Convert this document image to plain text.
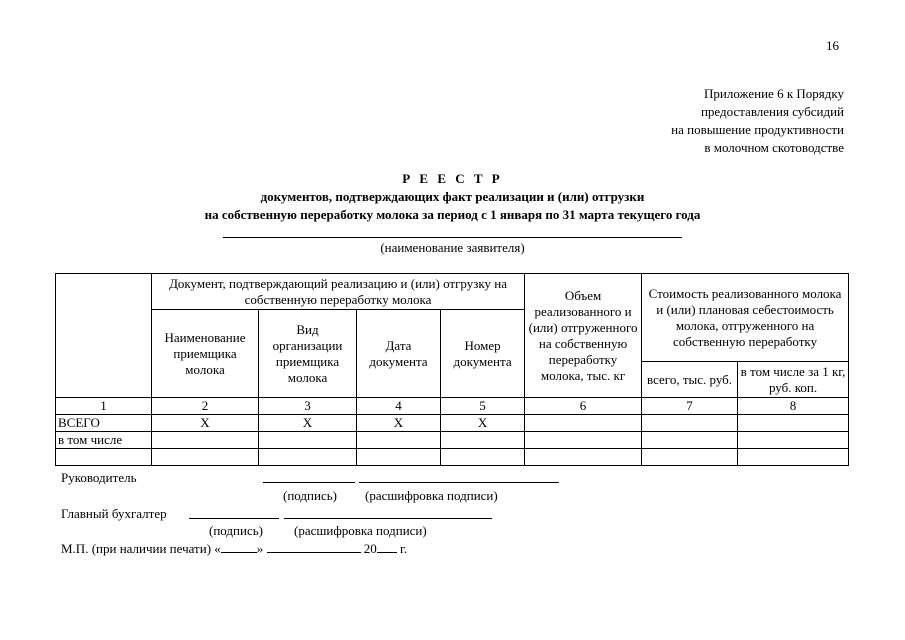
16
Приложение 6 к Порядку
предоставления субсидий
на повышение продуктивности
в молочном скотоводстве
Р Е Е С Т Р
документов, подтверждающих факт реализации и (или) отгрузки
на собственную переработку молока за период с 1 января по 31 марта текущего года
(наименование заявителя)
	Документ, подтверждающий реализацию и (или) отгрузку на собственную переработку молока				Объем реализованного и (или) отгруженного на собственную переработку молока, тыс. кг	Стоимость реализованного молока и (или) плановая себестоимость молока, отгруженного на собственную переработку	
	Наименование приемщика молока	Вид организации приемщика молока	Дата документа	Номер документа			
						всего, тыс. руб.	в том числе за 1 кг, руб. коп.
1	2	3	4	5	6	7	8
ВСЕГО	Х	Х	Х	Х			
в том числе							

Руководитель
(подпись) (расшифровка подписи)
Главный бухгалтер
(подпись) (расшифровка подписи)
М.П. (при наличии печати) «	»	20 г.
